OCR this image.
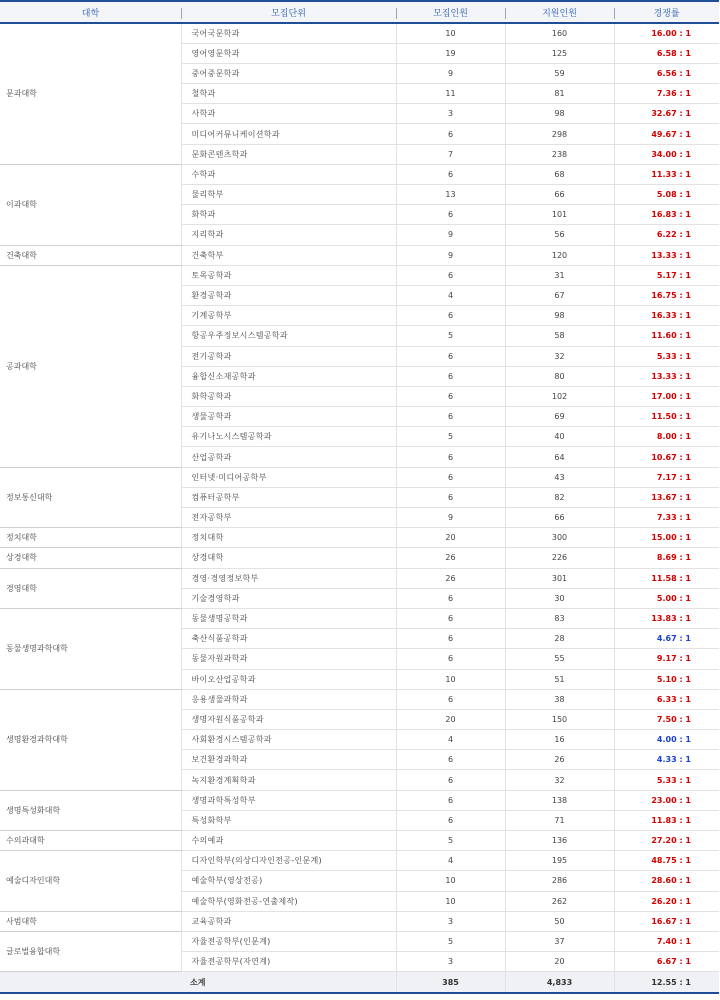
대학	모집단위	모집인원	지원인원	경쟁률
문과대학	국어국문학과	10	160	16.00 : 1
	영어영문학과	19	125	6.58 : 1
	중어중문학과	9	59	6.56 : 1
	철학과	11	81	7.36 : 1
	사학과	3	98	32.67 : 1
	미디어커뮤니케이션학과	6	298	49.67 : 1
	문화콘텐츠학과	7	238	34.00 : 1
이과대학	수학과	6	68	11.33 : 1
	물리학부	13	66	5.08 : 1
	화학과	6	101	16.83 : 1
	지리학과	9	56	6.22 : 1
건축대학	건축학부	9	120	13.33 : 1
공과대학	토목공학과	6	31	5.17 : 1
	환경공학과	4	67	16.75 : 1
	기계공학부	6	98	16.33 : 1
	항공우주정보시스템공학과	5	58	11.60 : 1
	전기공학과	6	32	5.33 : 1
	융합신소재공학과	6	80	13.33 : 1
	화학공학과	6	102	17.00 : 1
	생물공학과	6	69	11.50 : 1
	유기나노시스템공학과	5	40	8.00 : 1
	산업공학과	6	64	10.67 : 1
정보통신대학	인터넷·미디어공학부	6	43	7.17 : 1
	컴퓨터공학부	6	82	13.67 : 1
	전자공학부	9	66	7.33 : 1
정치대학	정치대학	20	300	15.00 : 1
상경대학	상경대학	26	226	8.69 : 1
경영대학	경영·경영정보학부	26	301	11.58 : 1
	기술경영학과	6	30	5.00 : 1
동물생명과학대학	동물생명공학과	6	83	13.83 : 1
	축산식품공학과	6	28	4.67 : 1
	동물자원과학과	6	55	9.17 : 1
	바이오산업공학과	10	51	5.10 : 1
생명환경과학대학	응용생물과학과	6	38	6.33 : 1
	생명자원식품공학과	20	150	7.50 : 1
	사회환경시스템공학과	4	16	4.00 : 1
	보건환경과학과	6	26	4.33 : 1
	녹지환경계획학과	6	32	5.33 : 1
생명특성화대학	생명과학특성학부	6	138	23.00 : 1
	특성화학부	6	71	11.83 : 1
수의과대학	수의예과	5	136	27.20 : 1
예술디자인대학	디자인학부(의상디자인전공-인문계)	4	195	48.75 : 1
	예술학부(영상전공)	10	286	28.60 : 1
	예술학부(영화전공-연출제작)	10	262	26.20 : 1
사범대학	교육공학과	3	50	16.67 : 1
글로벌융합대학	자율전공학부(인문계)	5	37	7.40 : 1
	자율전공학부(자연계)	3	20	6.67 : 1
소계		385	4,833	12.55 : 1
